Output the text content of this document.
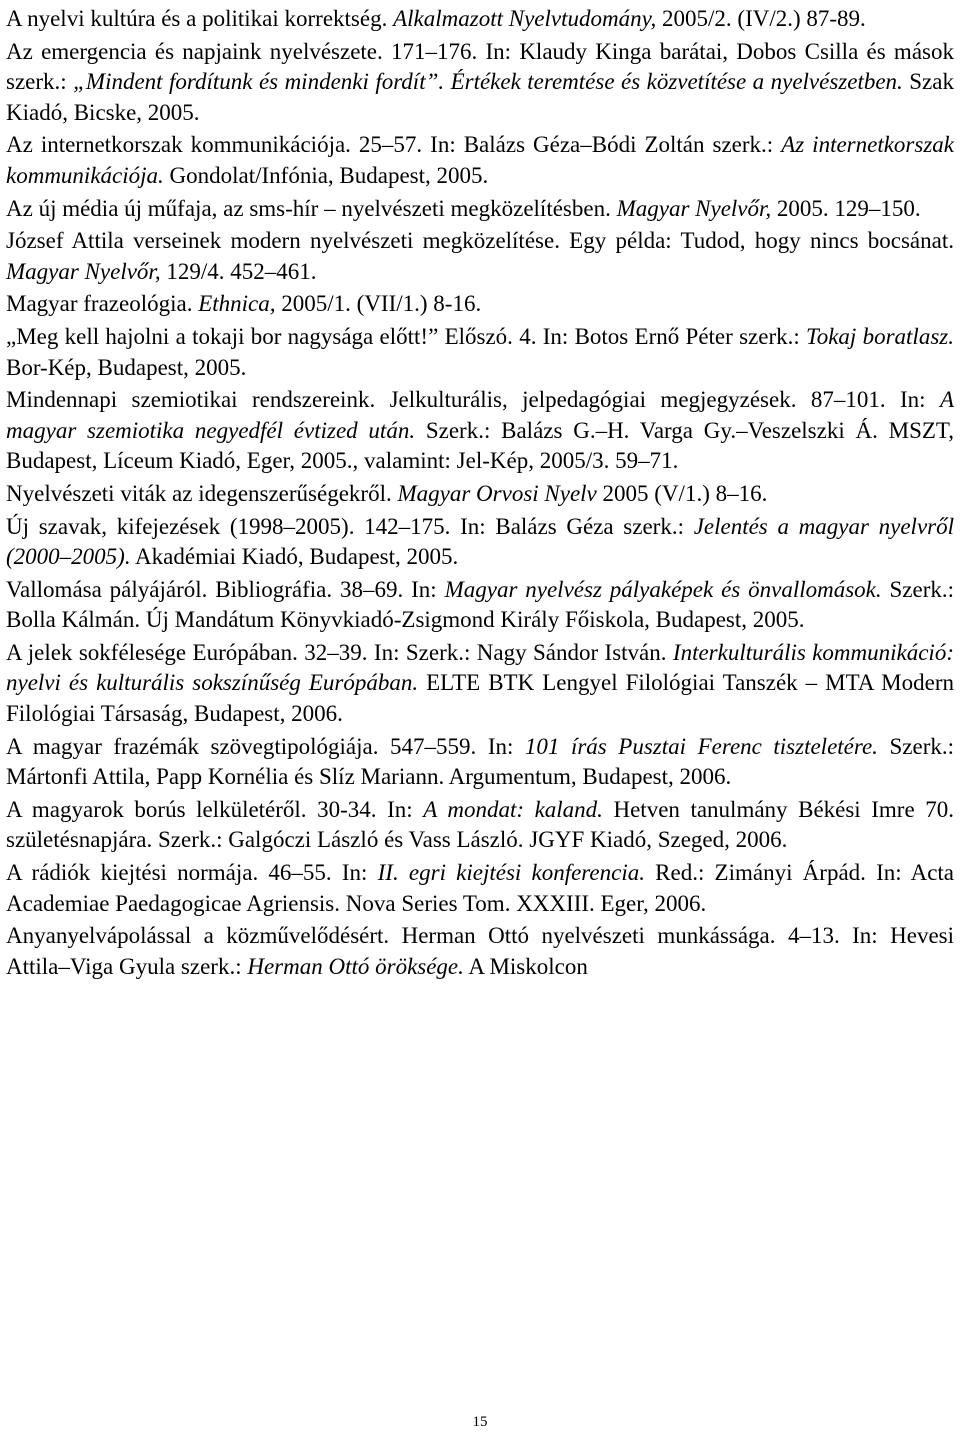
A nyelvi kultúra és a politikai korrektség. Alkalmazott Nyelvtudomány, 2005/2. (IV/2.) 87-89.

Az emergencia és napjaink nyelvészete. 171–176. In: Klaudy Kinga barátai, Dobos Csilla és mások szerk.: „Mindent fordítunk és mindenki fordít”. Értékek teremtése és közvetítése a nyelvészetben. Szak Kiadó, Bicske, 2005.

Az internetkorszak kommunikációja. 25–57. In: Balázs Géza–Bódi Zoltán szerk.: Az internetkorszak kommunikációja. Gondolat/Infónia, Budapest, 2005.

Az új média új műfaja, az sms-hír – nyelvészeti megközelítésben. Magyar Nyelvőr, 2005. 129–150.

József Attila verseinek modern nyelvészeti megközelítése. Egy példa: Tudod, hogy nincs bocsánat. Magyar Nyelvőr, 129/4. 452–461.

Magyar frazeológia. Ethnica, 2005/1. (VII/1.) 8-16.

„Meg kell hajolni a tokaji bor nagysága előtt!” Előszó. 4. In: Botos Ernő Péter szerk.: Tokaj boratlasz. Bor-Kép, Budapest, 2005.

Mindennapi szemiotikai rendszereink. Jelkulturális, jelpedagógiai megjegyzések. 87–101. In: A magyar szemiotika negyedfél évtized után. Szerk.: Balázs G.–H. Varga Gy.–Veszelszki Á. MSZT, Budapest, Líceum Kiadó, Eger, 2005., valamint: Jel-Kép, 2005/3. 59–71.

Nyelvészeti viták az idegenszerűségekről. Magyar Orvosi Nyelv 2005 (V/1.) 8–16.

Új szavak, kifejezések (1998–2005). 142–175. In: Balázs Géza szerk.: Jelentés a magyar nyelvről (2000–2005). Akadémiai Kiadó, Budapest, 2005.

Vallomása pályájáról. Bibliográfia. 38–69. In: Magyar nyelvész pályaképek és önvallomások. Szerk.: Bolla Kálmán. Új Mandátum Könyvkiadó-Zsigmond Király Főiskola, Budapest, 2005.

A jelek sokfélesége Európában. 32–39. In: Szerk.: Nagy Sándor István. Interkulturális kommunikáció: nyelvi és kulturális sokszínűség Európában. ELTE BTK Lengyel Filológiai Tanszék – MTA Modern Filológiai Társaság, Budapest, 2006.

A magyar frazémák szövegtipológiája. 547–559. In: 101 írás Pusztai Ferenc tiszteletére. Szerk.: Mártonfi Attila, Papp Kornélia és Slíz Mariann. Argumentum, Budapest, 2006.

A magyarok borús lelkületéről. 30-34. In: A mondat: kaland. Hetven tanulmány Békési Imre 70. születésnapjára. Szerk.: Galgóczi László és Vass László. JGYF Kiadó, Szeged, 2006.

A rádiók kiejtési normája. 46–55. In: II. egri kiejtési konferencia. Red.: Zimányi Árpád. In: Acta Academiae Paedagogicae Agriensis. Nova Series Tom. XXXIII. Eger, 2006.

Anyanyelvápolással a közművelődésért. Herman Ottó nyelvészeti munkássága. 4–13. In: Hevesi Attila–Viga Gyula szerk.: Herman Ottó öröksége. A Miskolcon

15
